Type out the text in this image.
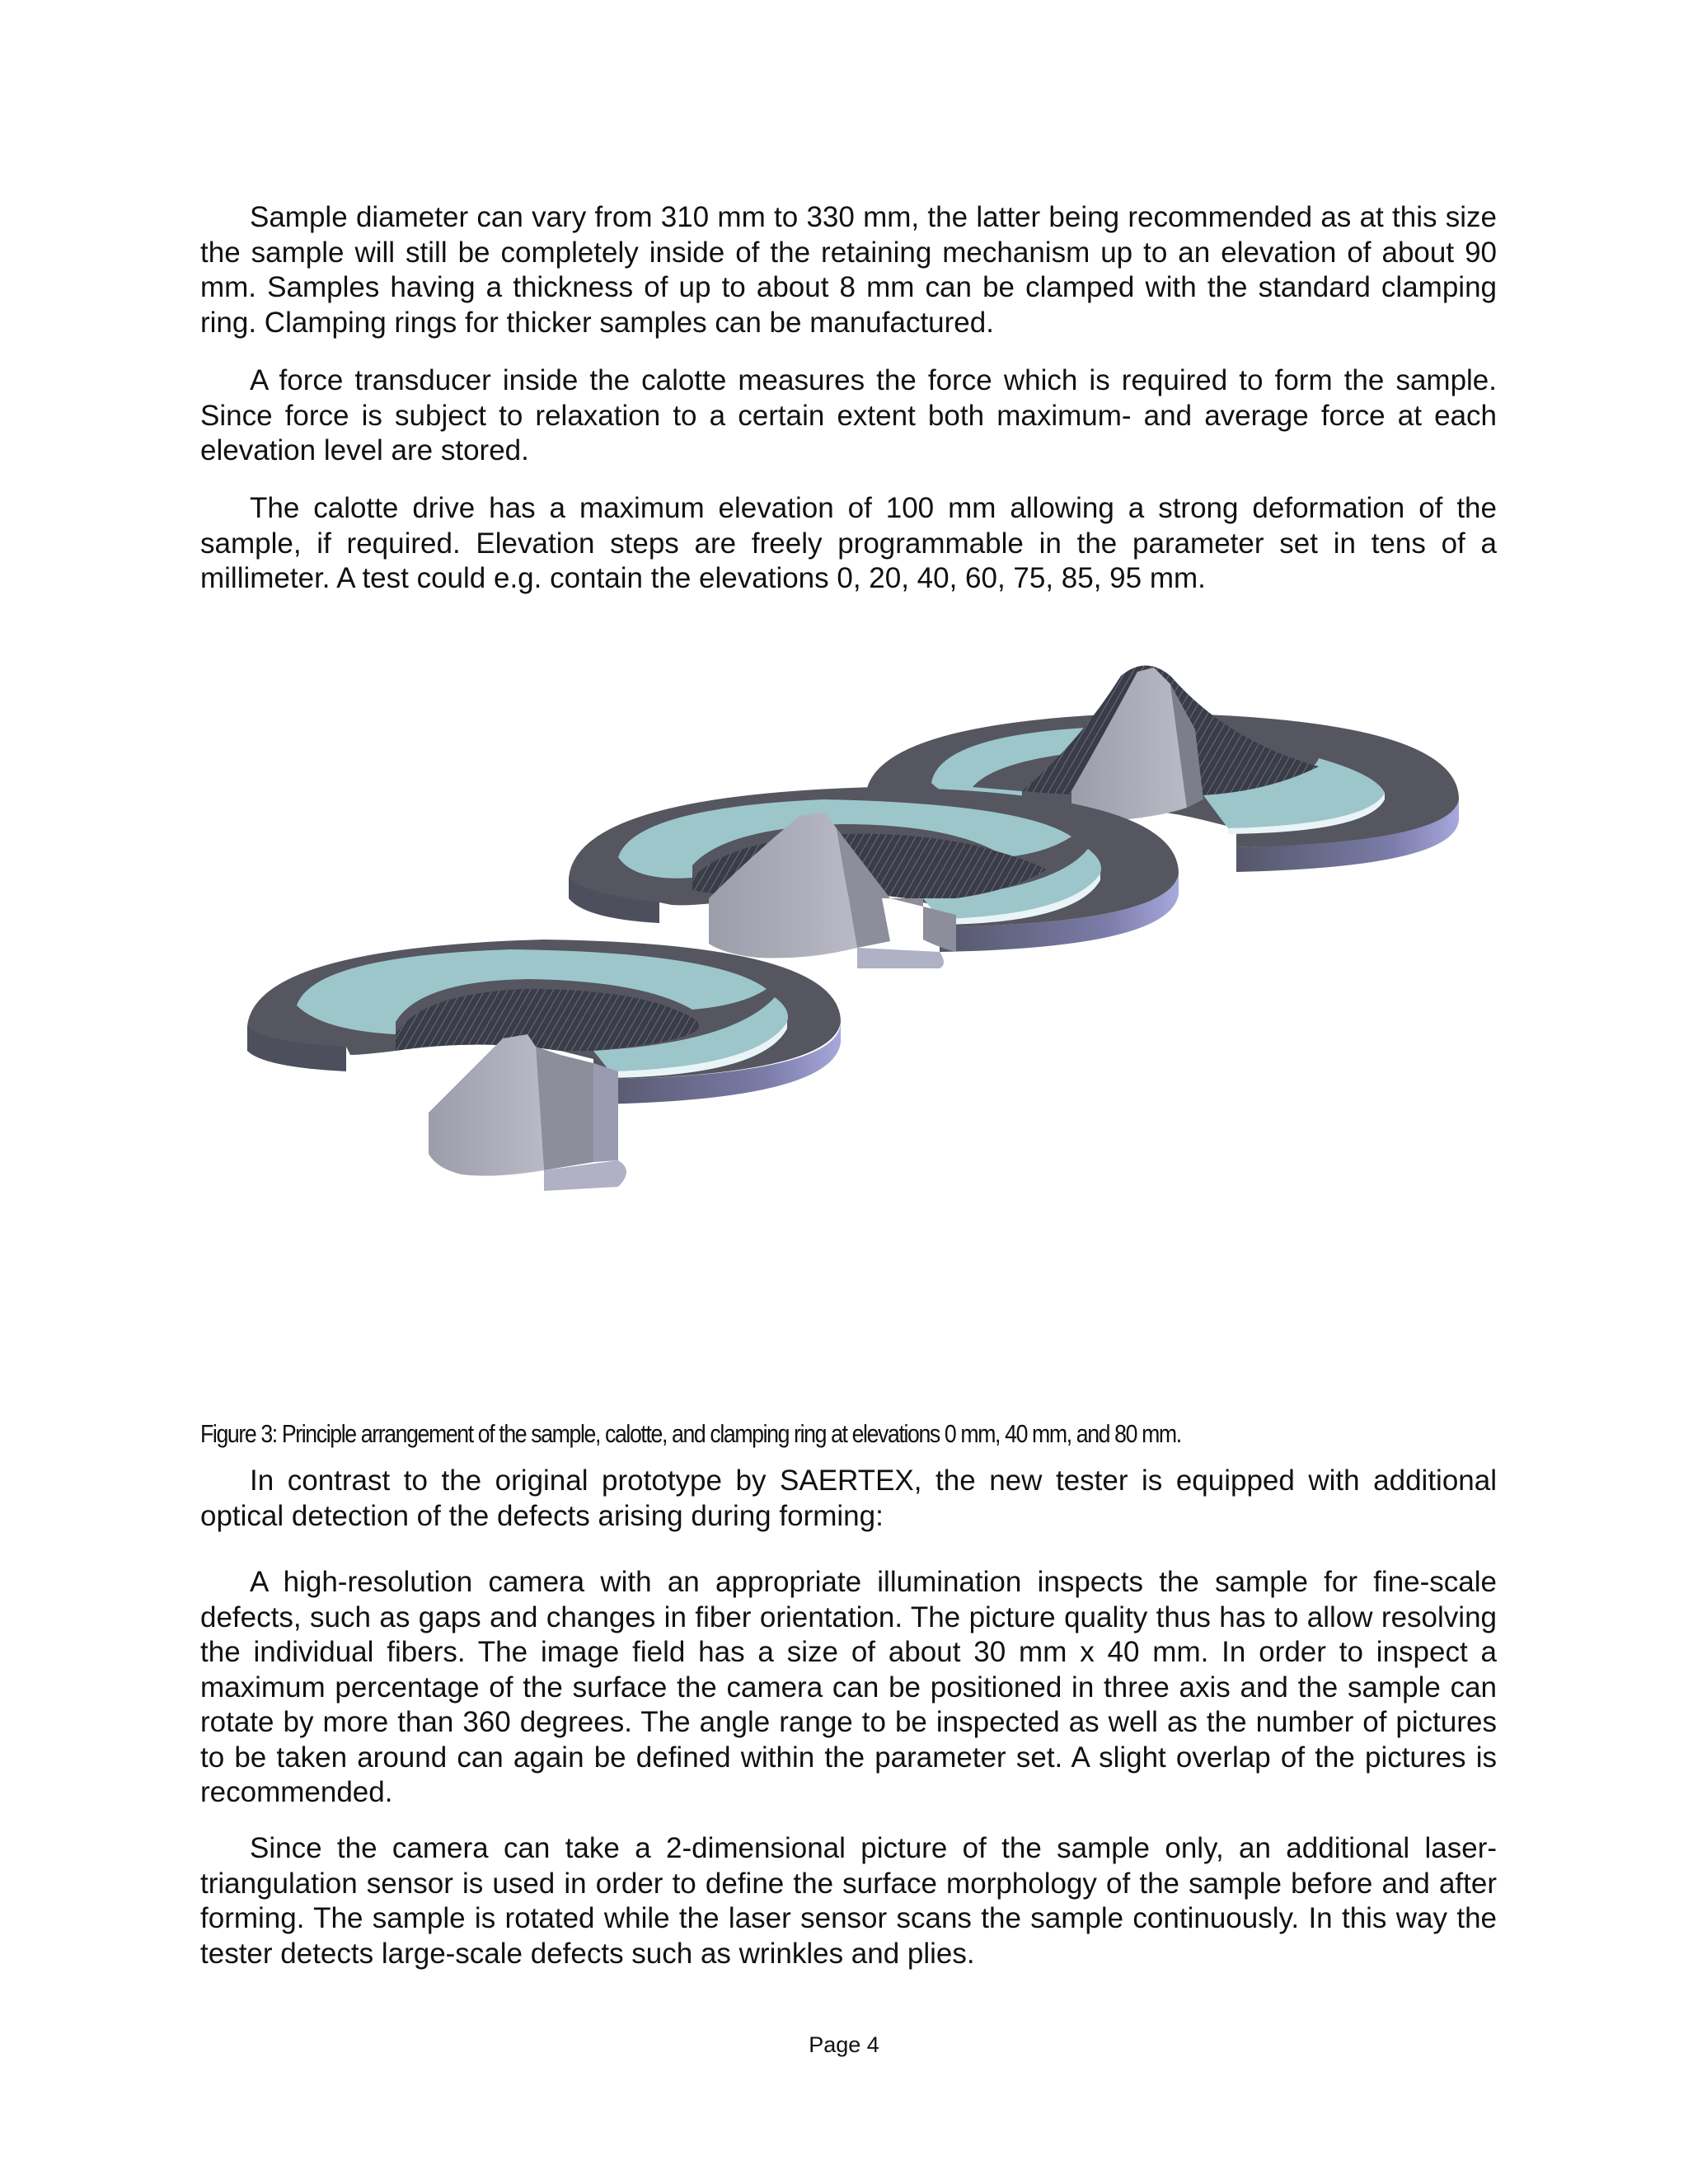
Sample diameter can vary from 310 mm to 330 mm, the latter being recommended as at this size the sample will still be completely inside of the retaining mechanism up to an elevation of about 90 mm. Samples having a thickness of up to about 8 mm can be clamped with the standard clamping ring. Clamping rings for thicker samples can be manufactured.

A force transducer inside the calotte measures the force which is required to form the sample. Since force is subject to relaxation to a certain extent both maximum- and average force at each elevation level are stored.

The calotte drive has a maximum elevation of 100 mm allowing a strong deformation of the sample, if required. Elevation steps are freely programmable in the parameter set in tens of a millimeter. A test could e.g. contain the elevations 0, 20, 40, 60, 75, 85, 95 mm.

Figure 3: Principle arrangement of the sample, calotte, and clamping ring at elevations 0 mm, 40 mm, and 80 mm.

In contrast to the original prototype by SAERTEX, the new tester is equipped with additional optical detection of the defects arising during forming:

A high-resolution camera with an appropriate illumination inspects the sample for fine-scale defects, such as gaps and changes in fiber orientation. The picture quality thus has to allow resolving the individual fibers. The image field has a size of about 30 mm x 40 mm. In order to inspect a maximum percentage of the surface the camera can be positioned in three axis and the sample can rotate by more than 360 degrees. The angle range to be inspected as well as the number of pictures to be taken around can again be defined within the parameter set. A slight overlap of the pictures is recommended.

Since the camera can take a 2-dimensional picture of the sample only, an additional laser-triangulation sensor is used in order to define the surface morphology of the sample before and after forming. The sample is rotated while the laser sensor scans the sample continuously. In this way the tester detects large-scale defects such as wrinkles and plies.

Page 4
